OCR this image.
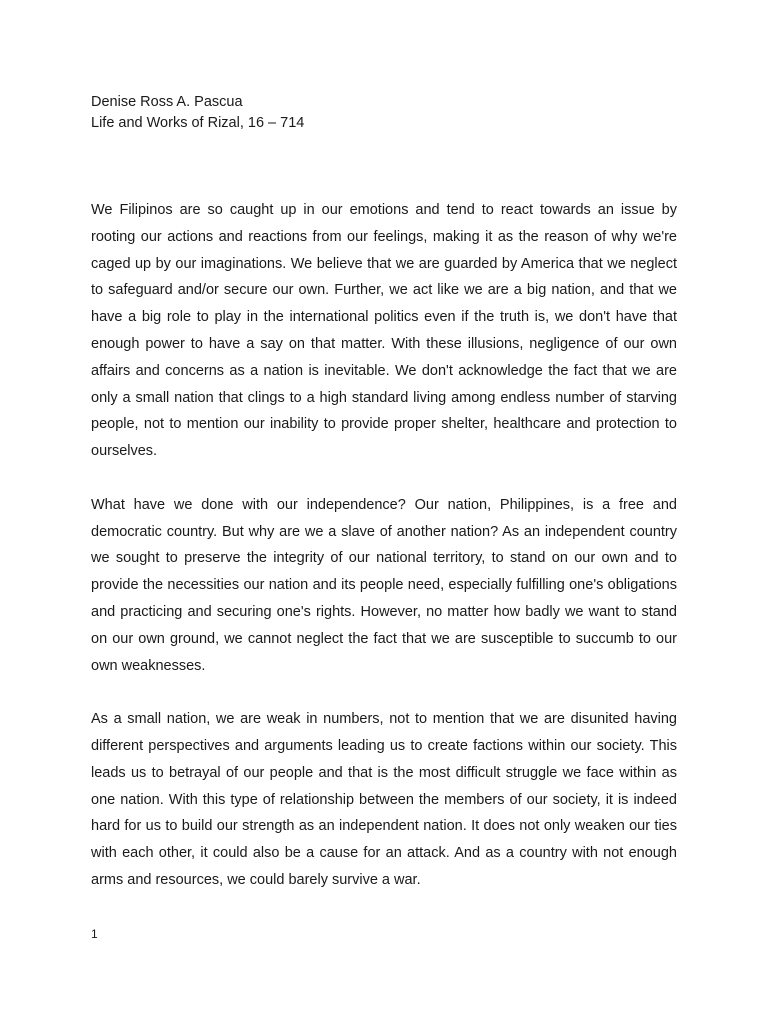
Denise Ross A. Pascua
Life and Works of Rizal, 16 – 714

We Filipinos are so caught up in our emotions and tend to react towards an issue by rooting our actions and reactions from our feelings, making it as the reason of why we're caged up by our imaginations. We believe that we are guarded by America that we neglect to safeguard and/or secure our own. Further, we act like we are a big nation, and that we have a big role to play in the international politics even if the truth is, we don't have that enough power to have a say on that matter. With these illusions, negligence of our own affairs and concerns as a nation is inevitable. We don't acknowledge the fact that we are only a small nation that clings to a high standard living among endless number of starving people, not to mention our inability to provide proper shelter, healthcare and protection to ourselves.

What have we done with our independence? Our nation, Philippines, is a free and democratic country. But why are we a slave of another nation? As an independent country we sought to preserve the integrity of our national territory, to stand on our own and to provide the necessities our nation and its people need, especially fulfilling one's obligations and practicing and securing one's rights. However, no matter how badly we want to stand on our own ground, we cannot neglect the fact that we are susceptible to succumb to our own weaknesses.

As a small nation, we are weak in numbers, not to mention that we are disunited having different perspectives and arguments leading us to create factions within our society. This leads us to betrayal of our people and that is the most difficult struggle we face within as one nation. With this type of relationship between the members of our society, it is indeed hard for us to build our strength as an independent nation. It does not only weaken our ties with each other, it could also be a cause for an attack. And as a country with not enough arms and resources, we could barely survive a war.

1
